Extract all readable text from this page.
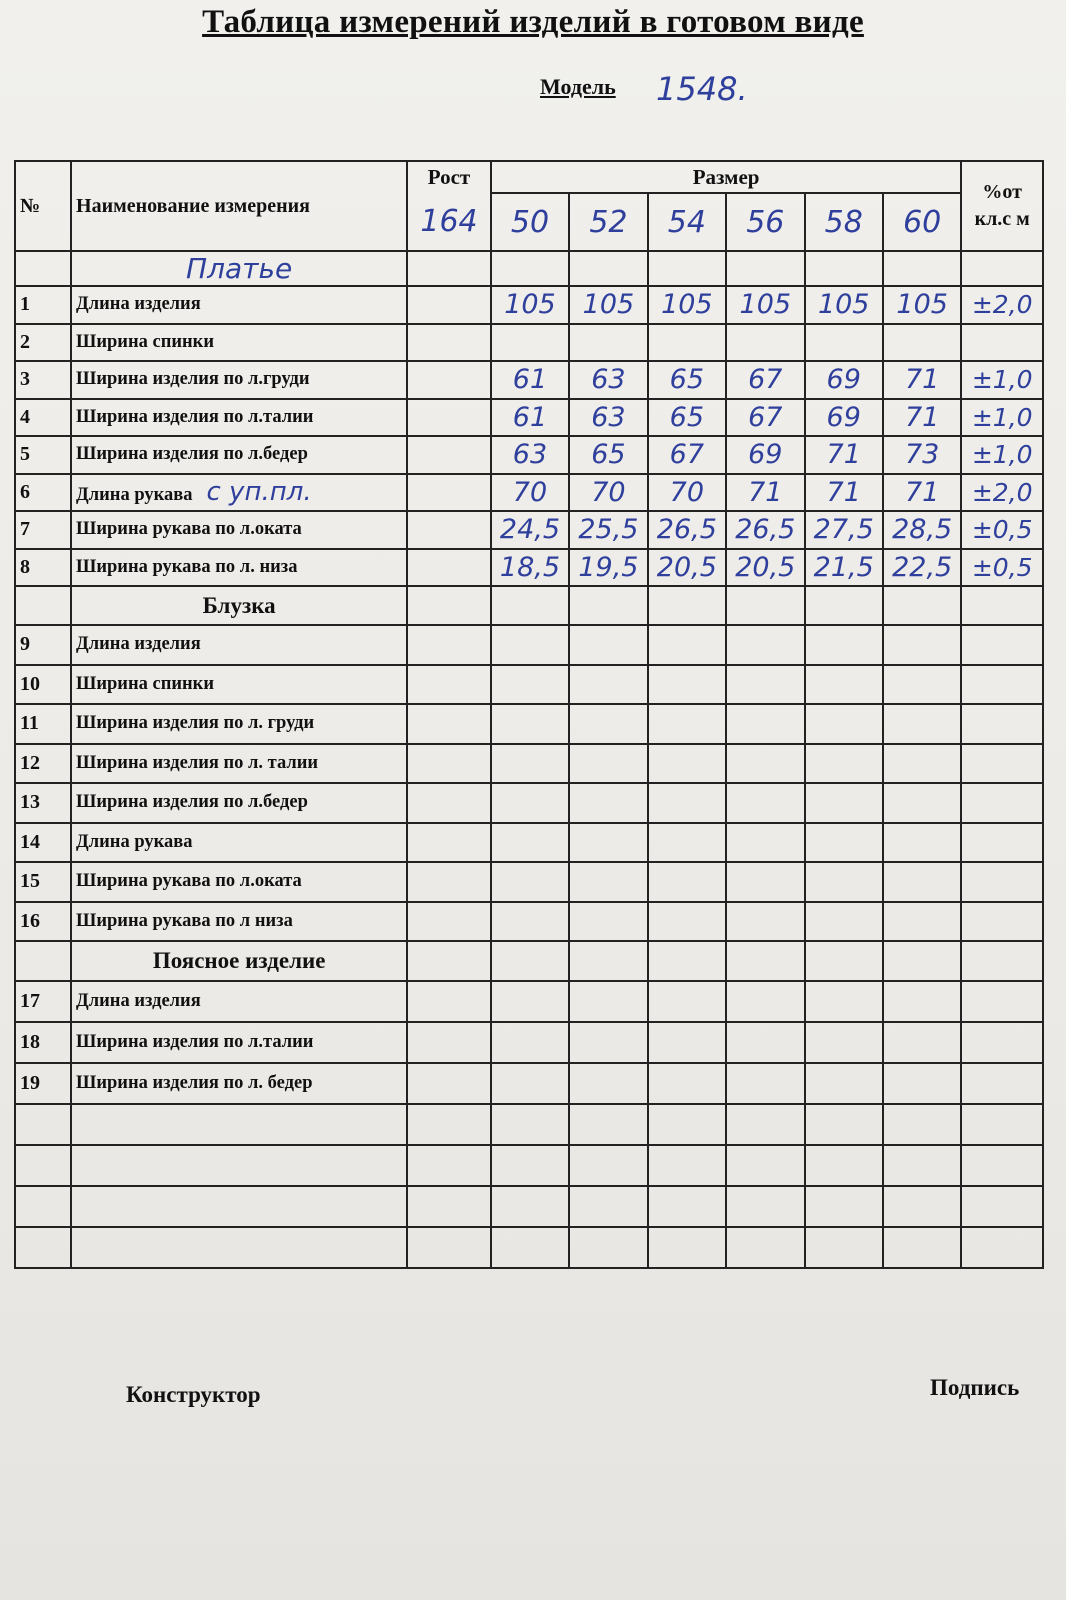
Таблица измерений изделий в готовом виде
Модель 1548.
№	Наименование измерения	Рост	Размер						%от кл.с м
		164	50	52	54	56	58	60	
	Платье								
1	Длина изделия		105	105	105	105	105	105	±2,0
2	Ширина спинки								
3	Ширина изделия по л.груди		61	63	65	67	69	71	±1,0
4	Ширина изделия по л.талии		61	63	65	67	69	71	±1,0
5	Ширина изделия по л.бедер		63	65	67	69	71	73	±1,0
6	Длина рукава с уп.пл.		70	70	70	71	71	71	±2,0
7	Ширина рукава по л.оката		24,5	25,5	26,5	26,5	27,5	28,5	±0,5
8	Ширина рукава по л. низа		18,5	19,5	20,5	20,5	21,5	22,5	±0,5
	Блузка								
9	Длина изделия								
10	Ширина спинки								
11	Ширина изделия по л. груди								
12	Ширина изделия по л. талии								
13	Ширина изделия по л.бедер								
14	Длина рукава								
15	Ширина рукава по л.оката								
16	Ширина рукава по л низа								
	Поясное изделие								
17	Длина изделия								
18	Ширина изделия по л.талии								
19	Ширина изделия по л. бедер								

Конструктор	Подпись
